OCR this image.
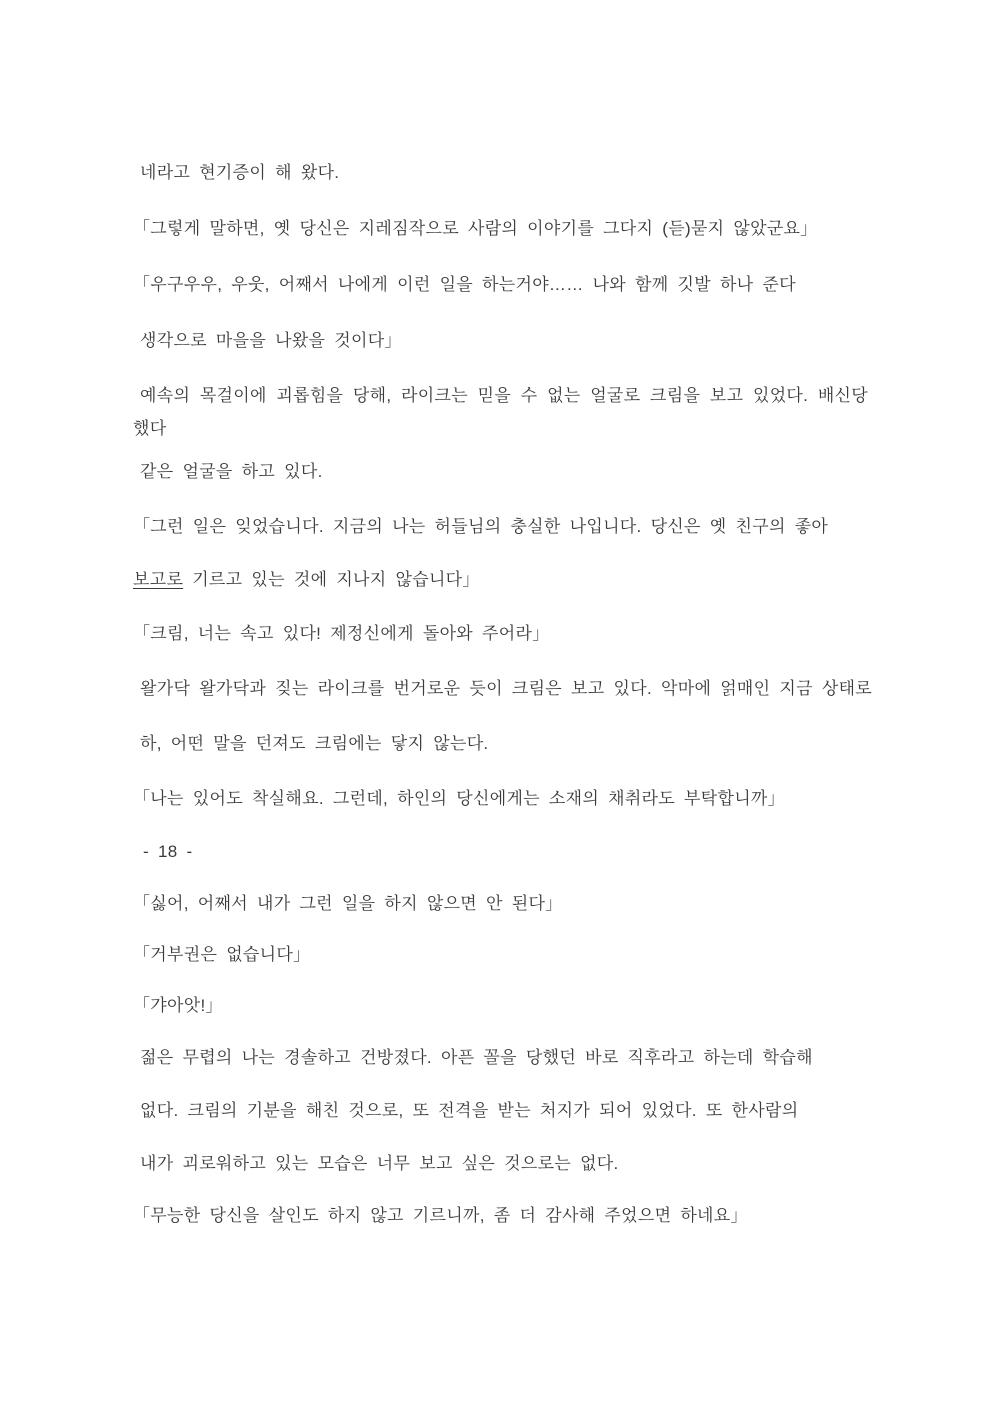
네라고 현기증이 해 왔다.

「그렇게 말하면, 옛 당신은 지레짐작으로 사람의 이야기를 그다지 (듣)묻지 않았군요」

「우구우우, 우웃, 어째서 나에게 이런 일을 하는거야…… 나와 함께 깃발 하나 준다

생각으로 마을을 나왔을 것이다」

예속의 목걸이에 괴롭힘을 당해, 라이크는 믿을 수 없는 얼굴로 크림을 보고 있었다. 배신당

했다

같은 얼굴을 하고 있다.

「그런 일은 잊었습니다. 지금의 나는 허들님의 충실한 나입니다. 당신은 옛 친구의 좋아

보고로 기르고 있는 것에 지나지 않습니다」

「크림, 너는 속고 있다! 제정신에게 돌아와 주어라」

왈가닥 왈가닥과 짖는 라이크를 번거로운 듯이 크림은 보고 있다. 악마에 얽매인 지금 상태로

하, 어떤 말을 던져도 크림에는 닿지 않는다.

「나는 있어도 착실해요. 그런데, 하인의 당신에게는 소재의 채취라도 부탁합니까」

- 18 -

「싫어, 어째서 내가 그런 일을 하지 않으면 안 된다」

「거부권은 없습니다」

「갸아앗!」

젊은 무렵의 나는 경솔하고 건방졌다. 아픈 꼴을 당했던 바로 직후라고 하는데 학습해

없다. 크림의 기분을 해친 것으로, 또 전격을 받는 처지가 되어 있었다. 또 한사람의

내가 괴로워하고 있는 모습은 너무 보고 싶은 것으로는 없다.

「무능한 당신을 살인도 하지 않고 기르니까, 좀 더 감사해 주었으면 하네요」
